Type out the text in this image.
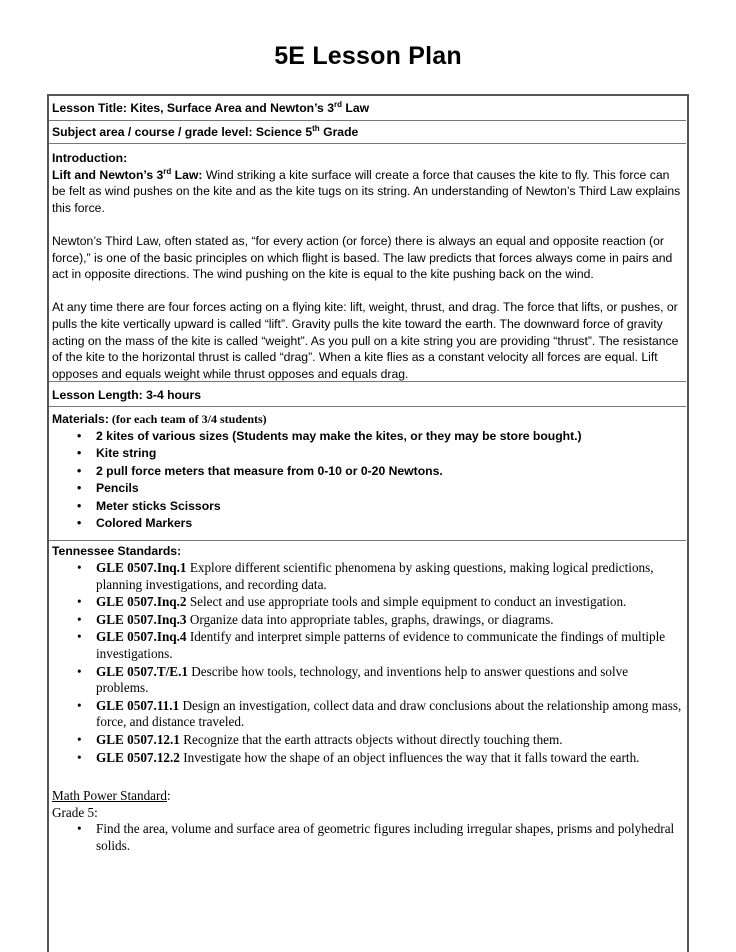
5E Lesson Plan
Lesson Title: Kites, Surface Area and Newton’s 3rd Law
Subject area / course / grade level: Science 5th Grade

Introduction:

Lift and Newton’s 3rd Law: Wind striking a kite surface will create a force that causes the kite to fly. This force can be felt as wind pushes on the kite and as the kite tugs on its string. An understanding of Newton’s Third Law explains this force.

Newton’s Third Law, often stated as, “for every action (or force) there is always an equal and opposite reaction (or force),” is one of the basic principles on which flight is based. The law predicts that forces always come in pairs and act in opposite directions. The wind pushing on the kite is equal to the kite pushing back on the wind.

At any time there are four forces acting on a flying kite: lift, weight, thrust, and drag. The force that lifts, or pushes, or pulls the kite vertically upward is called “lift”. Gravity pulls the kite toward the earth. The downward force of gravity acting on the mass of the kite is called “weight”. As you pull on a kite string you are providing “thrust”. The resistance of the kite to the horizontal thrust is called “drag”. When a kite flies as a constant velocity all forces are equal. Lift opposes and equals weight while thrust opposes and equals drag.

Lesson Length: 3-4 hours

Materials: (for each team of 3/4 students)

• 2 kites of various sizes (Students may make the kites, or they may be store bought.)
• Kite string
• 2 pull force meters that measure from 0-10 or 0-20 Newtons.
• Pencils
• Meter sticks Scissors
• Colored Markers

Tennessee Standards:

• GLE 0507.Inq.1 Explore different scientific phenomena by asking questions, making logical predictions, planning investigations, and recording data.
• GLE 0507.Inq.2 Select and use appropriate tools and simple equipment to conduct an investigation.
• GLE 0507.Inq.3 Organize data into appropriate tables, graphs, drawings, or diagrams.
• GLE 0507.Inq.4 Identify and interpret simple patterns of evidence to communicate the findings of multiple investigations.
• GLE 0507.T/E.1 Describe how tools, technology, and inventions help to answer questions and solve problems.
• GLE 0507.11.1 Design an investigation, collect data and draw conclusions about the relationship among mass, force, and distance traveled.
• GLE 0507.12.1 Recognize that the earth attracts objects without directly touching them.
• GLE 0507.12.2 Investigate how the shape of an object influences the way that it falls toward the earth.

Math Power Standard:

Grade 5:

• Find the area, volume and surface area of geometric figures including irregular shapes, prisms and polyhedral solids.
